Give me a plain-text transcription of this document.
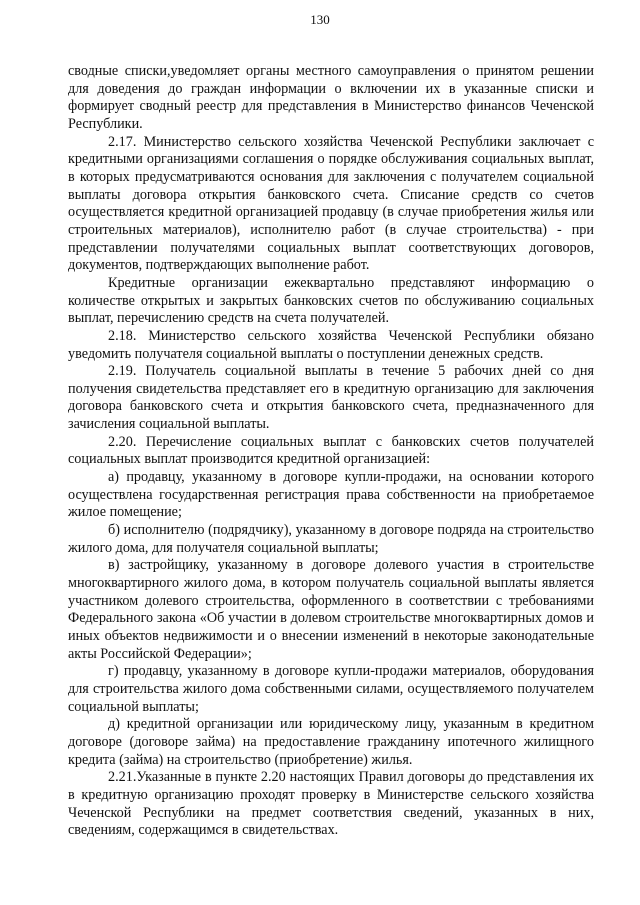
130

сводные списки,уведомляет органы местного самоуправления о принятом решении для доведения до граждан информации о включении их в указанные списки и формирует сводный реестр для представления в Министерство финансов Чеченской Республики.

2.17. Министерство сельского хозяйства Чеченской Республики заключает с кредитными организациями соглашения о порядке обслуживания социальных выплат, в которых предусматриваются основания для заключения с получателем социальной выплаты договора открытия банковского счета. Списание средств со счетов осуществляется кредитной организацией продавцу (в случае приобретения жилья или строительных материалов), исполнителю работ (в случае строительства) - при представлении получателями социальных выплат соответствующих договоров, документов, подтверждающих выполнение работ.

Кредитные организации ежеквартально представляют информацию о количестве открытых и закрытых банковских счетов по обслуживанию социальных выплат, перечислению средств на счета получателей.

2.18. Министерство сельского хозяйства Чеченской Республики обязано уведомить получателя социальной выплаты о поступлении денежных средств.

2.19. Получатель социальной выплаты в течение 5 рабочих дней со дня получения свидетельства представляет его в кредитную организацию для заключения договора банковского счета и открытия банковского счета, предназначенного для зачисления социальной выплаты.

2.20. Перечисление социальных выплат с банковских счетов получателей социальных выплат производится кредитной организацией:

а) продавцу, указанному в договоре купли-продажи, на основании которого осуществлена государственная регистрация права собственности на приобретаемое жилое помещение;

б) исполнителю (подрядчику), указанному в договоре подряда на строительство жилого дома, для получателя социальной выплаты;

в) застройщику, указанному в договоре долевого участия в строительстве многоквартирного жилого дома, в котором получатель социальной выплаты является участником долевого строительства, оформленного в соответствии с требованиями Федерального закона «Об участии в долевом строительстве многоквартирных домов и иных объектов недвижимости и о внесении изменений в некоторые законодательные акты Российской Федерации»;

г) продавцу, указанному в договоре купли-продажи материалов, оборудования для строительства жилого дома собственными силами, осуществляемого получателем социальной выплаты;

д) кредитной организации или юридическому лицу, указанным в кредитном договоре (договоре займа) на предоставление гражданину ипотечного жилищного кредита (займа) на строительство (приобретение) жилья.

2.21.Указанные в пункте 2.20 настоящих Правил договоры до представления их в кредитную организацию проходят проверку в Министерстве сельского хозяйства Чеченской Республики на предмет соответствия сведений, указанных в них, сведениям, содержащимся в свидетельствах.
